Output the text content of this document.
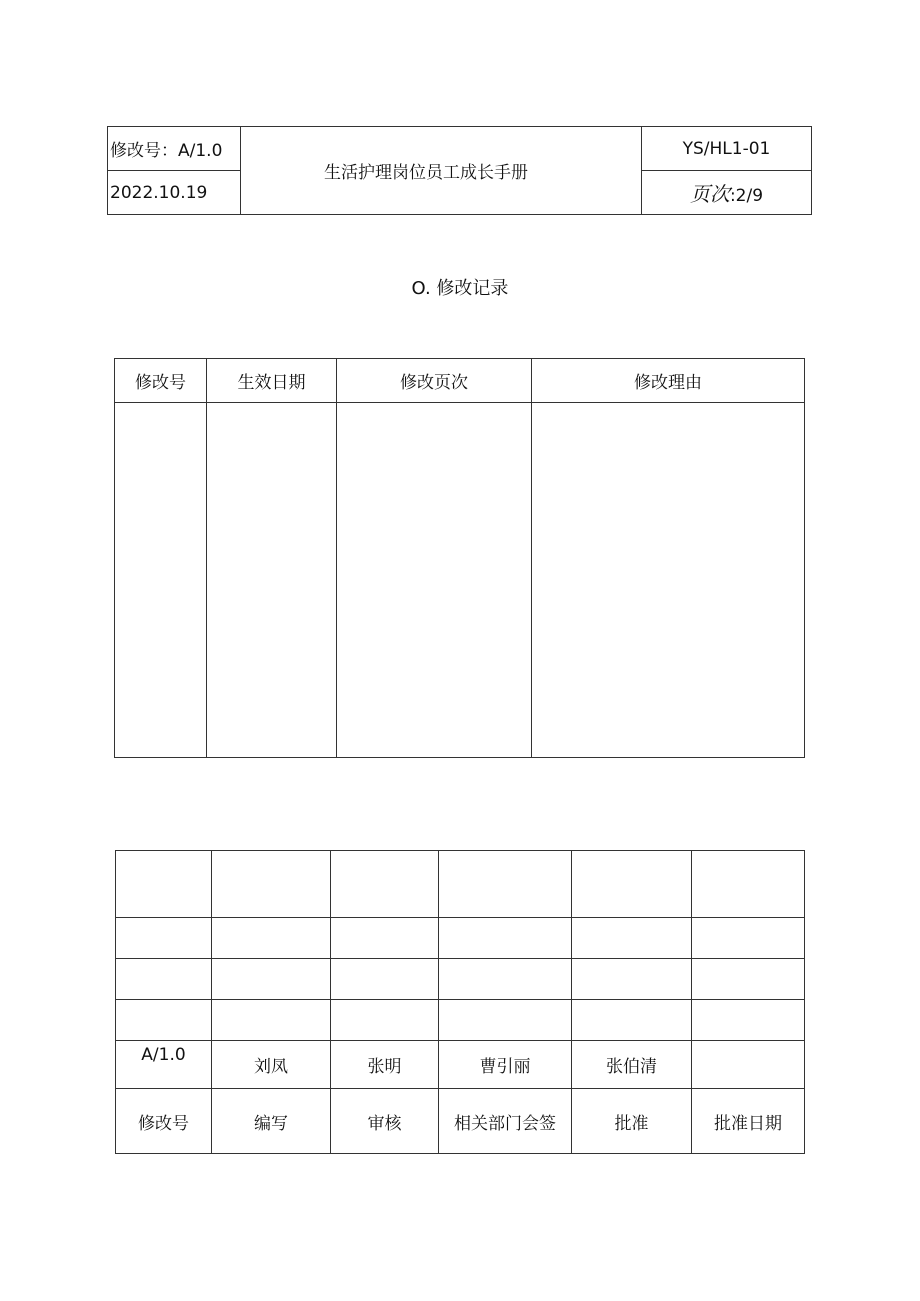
修改号：A/1.0	生活护理岗位员工成长手册	YS/HL1-01
2022.10.19		页次:2/9
O. 修改记录
修改号	生效日期	修改页次	修改理由

A/1.0	刘凤	张明	曹引丽	张伯清	
修改号	编写	审核	相关部门会签	批准	批准日期
